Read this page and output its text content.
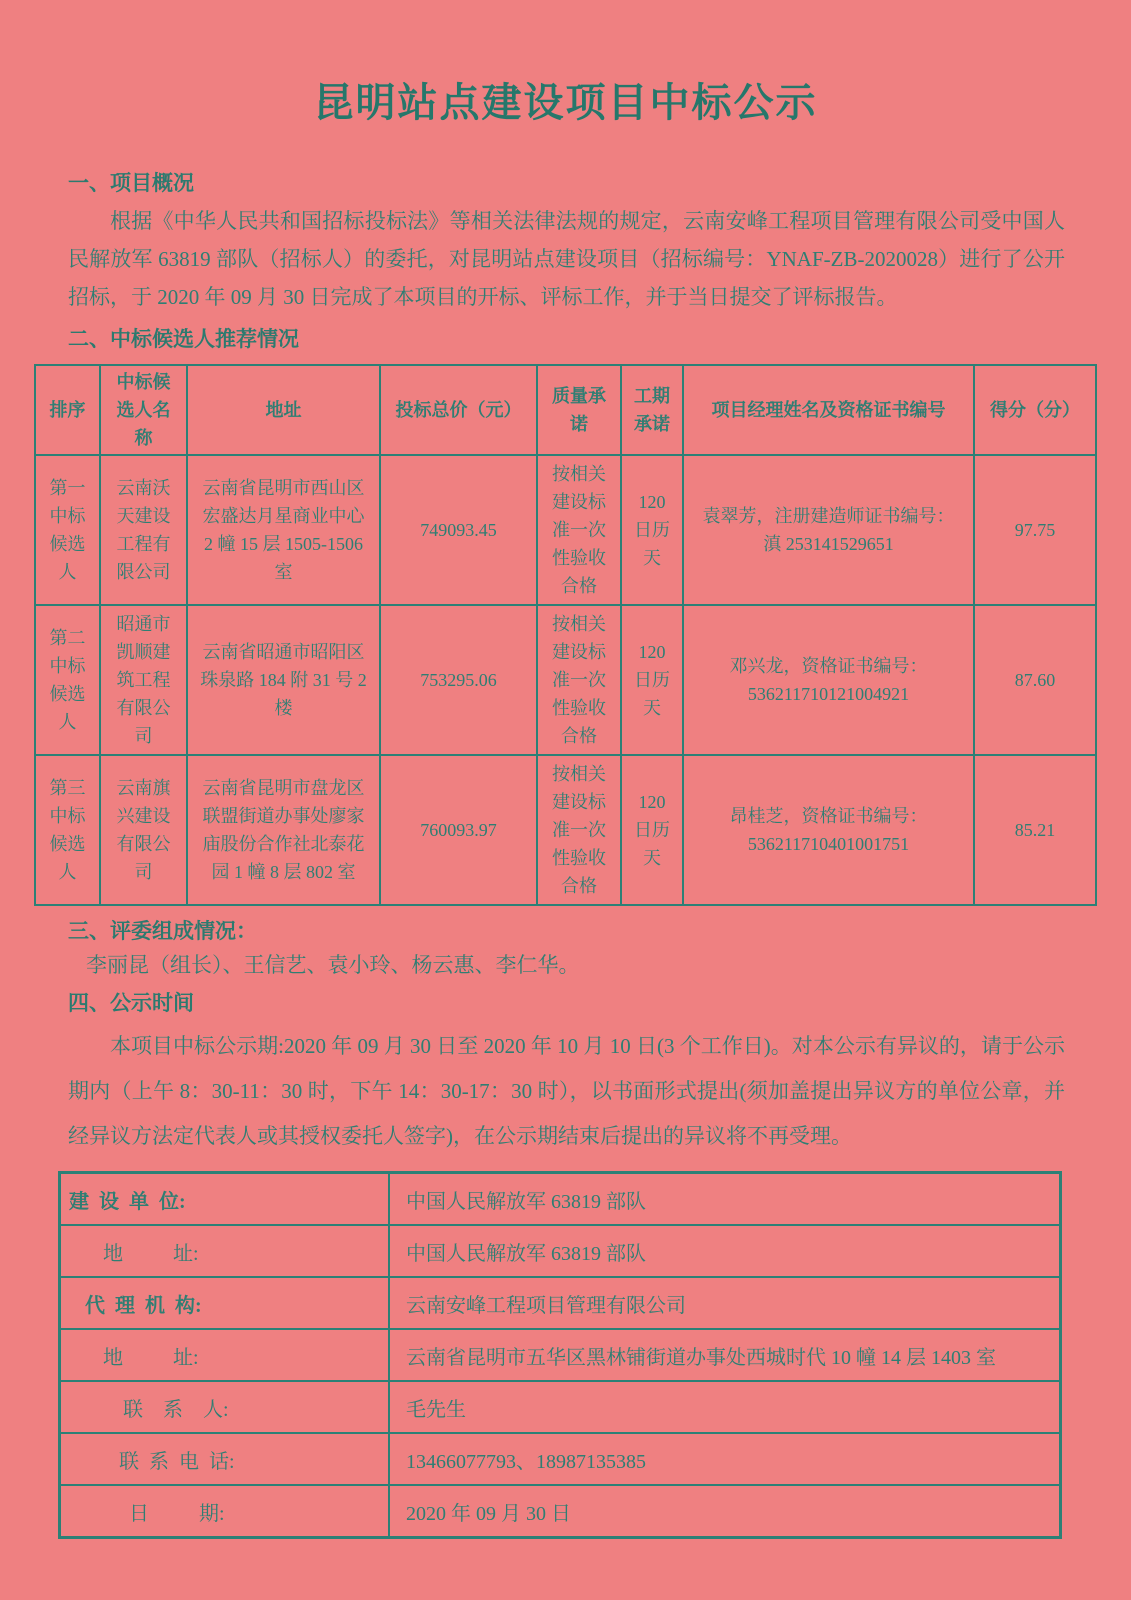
昆明站点建设项目中标公示
一、项目概况
根据《中华人民共和国招标投标法》等相关法律法规的规定，云南安峰工程项目管理有限公司受中国人民解放军 63819 部队（招标人）的委托，对昆明站点建设项目（招标编号：YNAF-ZB-2020028）进行了公开招标，于 2020 年 09 月 30 日完成了本项目的开标、评标工作，并于当日提交了评标报告。
二、中标候选人推荐情况
排序	中标候选人名称	地址	投标总价（元）	质量承诺	工期承诺	项目经理姓名及资格证书编号	得分（分）
第一中标候选人	云南沃天建设工程有限公司	云南省昆明市西山区宏盛达月星商业中心 2 幢 15 层 1505-1506 室	749093.45	按相关建设标准一次性验收合格	120 日历天	袁翠芳，注册建造师证书编号：滇 253141529651	97.75
第二中标候选人	昭通市凯顺建筑工程有限公司	云南省昭通市昭阳区珠泉路 184 附 31 号 2 楼	753295.06	按相关建设标准一次性验收合格	120 日历天	邓兴龙，资格证书编号：536211710121004921	87.60
第三中标候选人	云南旗兴建设有限公司	云南省昆明市盘龙区联盟街道办事处廖家庙股份合作社北泰花园 1 幢 8 层 802 室	760093.97	按相关建设标准一次性验收合格	120 日历天	昂桂芝，资格证书编号：536211710401001751	85.21
三、评委组成情况：
李丽昆（组长）、王信艺、袁小玲、杨云惠、李仁华。
四、公示时间
本项目中标公示期:2020 年 09 月 30 日至 2020 年 10 月 10 日(3 个工作日)。对本公示有异议的，请于公示期内（上午 8：30-11：30 时，下午 14：30-17：30 时），以书面形式提出(须加盖提出异议方的单位公章，并经异议方法定代表人或其授权委托人签字)，在公示期结束后提出的异议将不再受理。
建 设 单 位:	中国人民解放军 63819 部队
地　　 址:	中国人民解放军 63819 部队
代 理 机 构:	云南安峰工程项目管理有限公司
地　　 址:	云南省昆明市五华区黑林铺街道办事处西城时代 10 幢 14 层 1403 室
联　系　人:	毛先生
联 系 电 话:	13466077793、18987135385
日　　 期:	2020 年 09 月 30 日
